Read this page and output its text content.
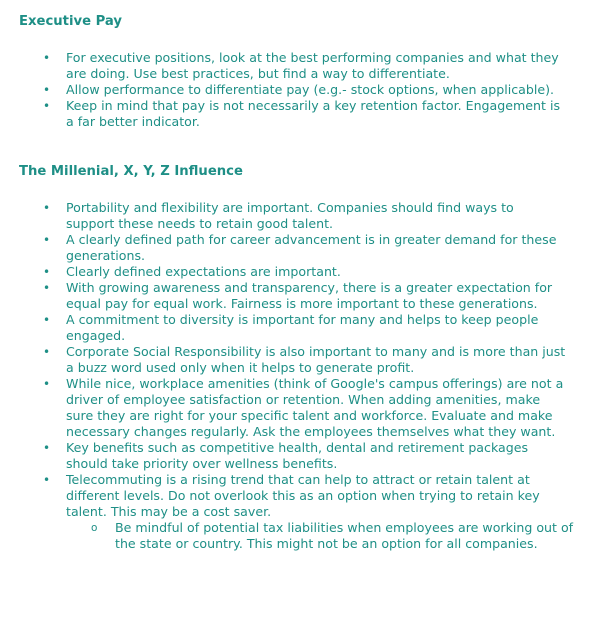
Executive Pay
• For executive positions, look at the best performing companies and what they are doing. Use best practices, but find a way to differentiate.
• Allow performance to differentiate pay (e.g.- stock options, when applicable).
• Keep in mind that pay is not necessarily a key retention factor. Engagement is a far better indicator.
The Millenial, X, Y, Z Influence
• Portability and flexibility are important. Companies should find ways to support these needs to retain good talent.
• A clearly defined path for career advancement is in greater demand for these generations.
• Clearly defined expectations are important.
• With growing awareness and transparency, there is a greater expectation for equal pay for equal work. Fairness is more important to these generations.
• A commitment to diversity is important for many and helps to keep people engaged.
• Corporate Social Responsibility is also important to many and is more than just a buzz word used only when it helps to generate profit.
• While nice, workplace amenities (think of Google's campus offerings) are not a driver of employee satisfaction or retention. When adding amenities, make sure they are right for your specific talent and workforce. Evaluate and make necessary changes regularly. Ask the employees themselves what they want.
• Key benefits such as competitive health, dental and retirement packages should take priority over wellness benefits.
• Telecommuting is a rising trend that can help to attract or retain talent at different levels. Do not overlook this as an option when trying to retain key talent. This may be a cost saver.
o Be mindful of potential tax liabilities when employees are working out of the state or country. This might not be an option for all companies.
